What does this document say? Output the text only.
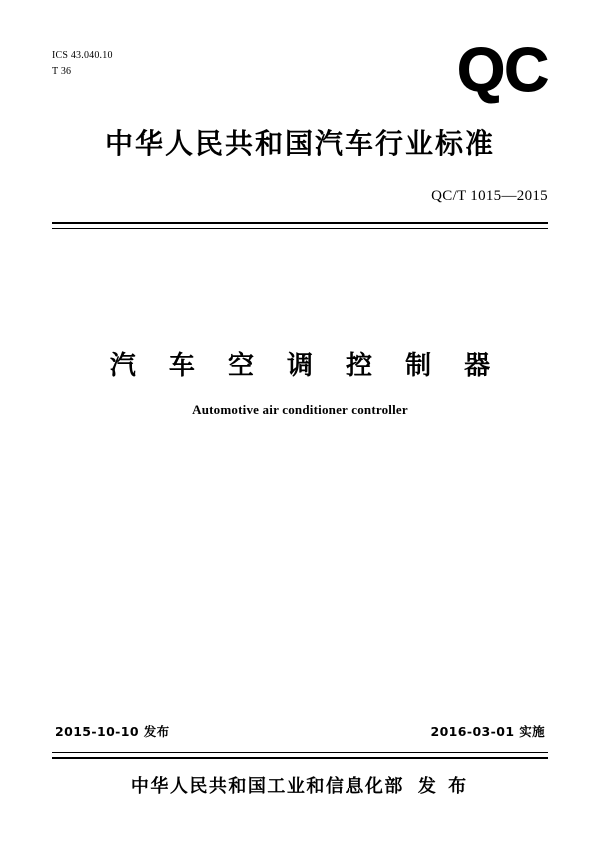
ICS 43.040.10
T 36	QC
中华人民共和国汽车行业标准
QC/T 1015—2015
汽 车 空 调 控 制 器
Automotive air conditioner controller
2015-10-10 发布	2016-03-01 实施
中华人民共和国工业和信息化部 发 布
